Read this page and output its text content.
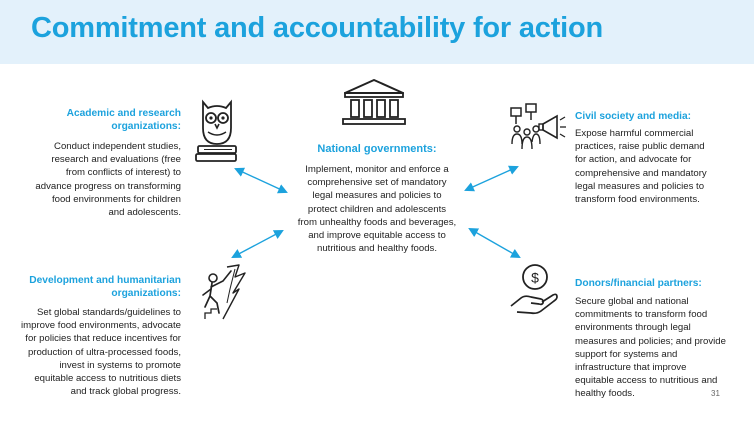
Commitment and accountability for action
$
National governments:
Implement, monitor and enforce a
comprehensive set of mandatory
legal measures and policies to
protect children and adolescents
from unhealthy foods and beverages,
and improve equitable access to
nutritious and healthy foods.
Academic and research
organizations:
Conduct independent studies,
research and evaluations (free
from conflicts of interest) to
advance progress on transforming
food environments for children
and adolescents.
Civil society and media:
Expose harmful commercial
practices, raise public demand
for action, and advocate for
comprehensive and mandatory
legal measures and policies to
transform food environments.
Development and humanitarian
organizations:
Set global standards/guidelines to
improve food environments, advocate
for policies that reduce incentives for
production of ultra-processed foods,
invest in systems to promote
equitable access to nutritious diets
and track global progress.
Donors/financial partners:
Secure global and national
commitments to transform food
environments through legal
measures and policies; and provide
support for systems and
infrastructure that improve
equitable access to nutritious and
healthy foods.	31
